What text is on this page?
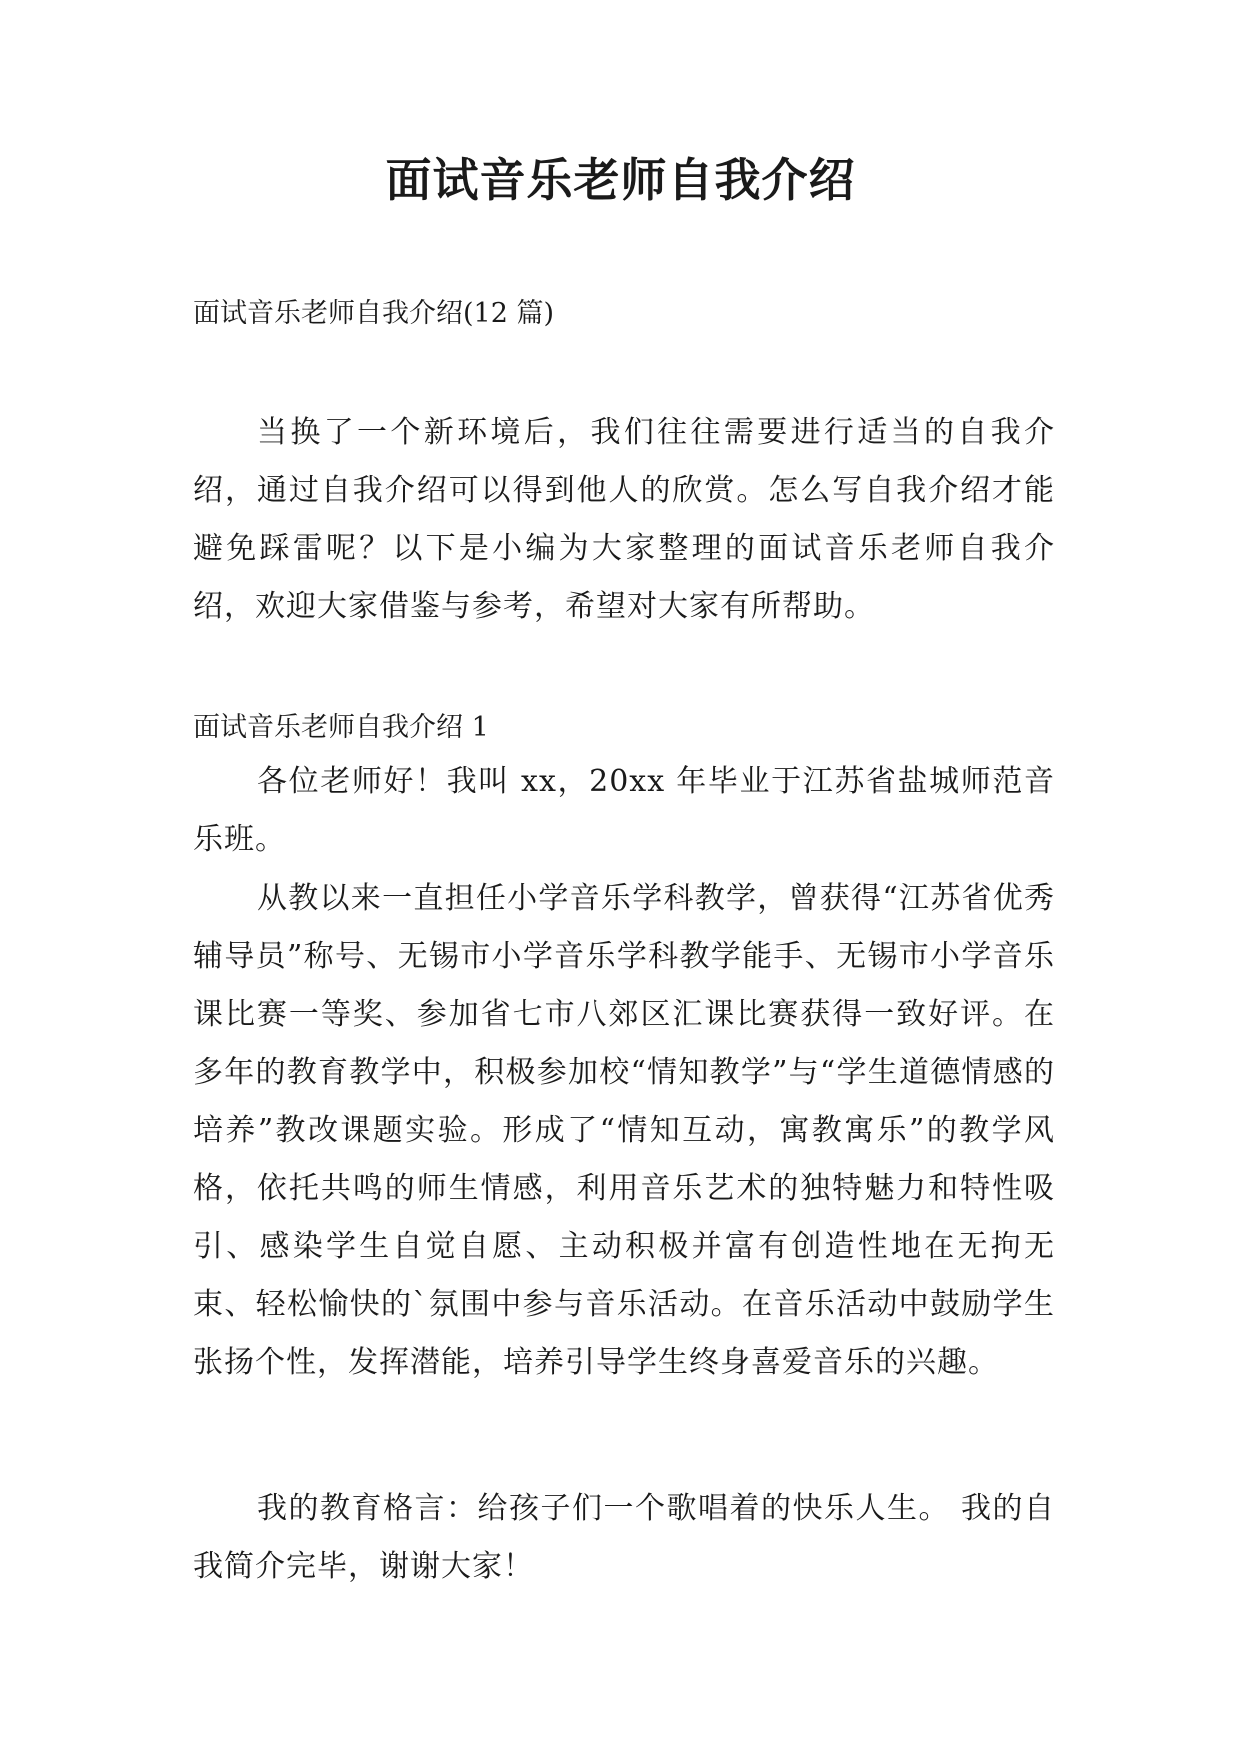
面试音乐老师自我介绍
面试音乐老师自我介绍(12 篇)
当换了一个新环境后，我们往往需要进行适当的自我介绍，通过自我介绍可以得到他人的欣赏。怎么写自我介绍才能避免踩雷呢？以下是小编为大家整理的面试音乐老师自我介绍，欢迎大家借鉴与参考，希望对大家有所帮助。
面试音乐老师自我介绍 1
各位老师好！我叫 xx，20xx 年毕业于江苏省盐城师范音乐班。
从教以来一直担任小学音乐学科教学，曾获得“江苏省优秀辅导员”称号、无锡市小学音乐学科教学能手、无锡市小学音乐课比赛一等奖、参加省七市八郊区汇课比赛获得一致好评。在多年的教育教学中，积极参加校“情知教学”与“学生道德情感的培养”教改课题实验。形成了“情知互动，寓教寓乐”的教学风格，依托共鸣的师生情感，利用音乐艺术的独特魅力和特性吸引、感染学生自觉自愿、主动积极并富有创造性地在无拘无束、轻松愉快的`氛围中参与音乐活动。在音乐活动中鼓励学生张扬个性，发挥潜能，培养引导学生终身喜爱音乐的兴趣。
我的教育格言：给孩子们一个歌唱着的快乐人生。 我的自我简介完毕，谢谢大家！
